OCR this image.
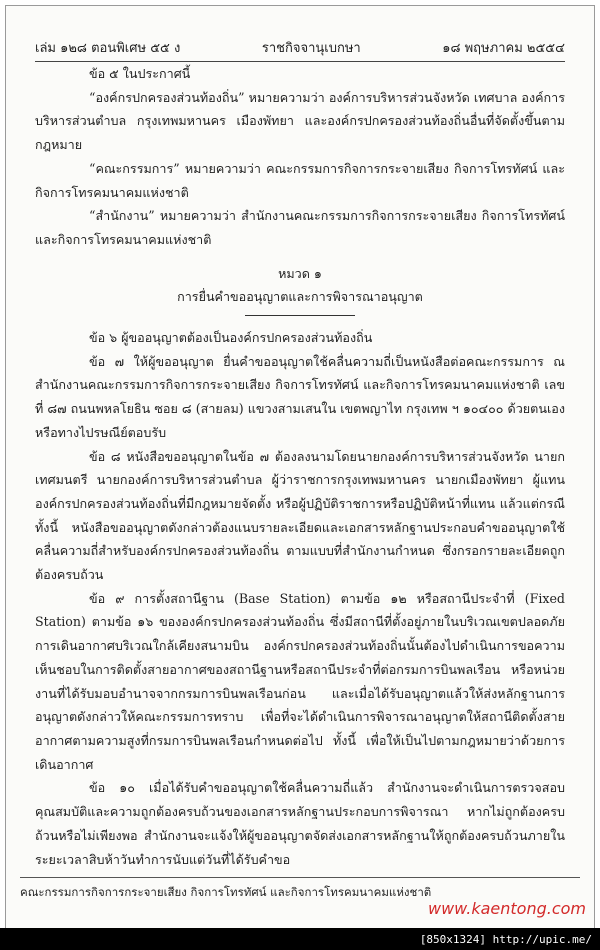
เล่ม ๑๒๘ ตอนพิเศษ ๕๕ ง	ราชกิจจานุเบกษา	๑๘ พฤษภาคม ๒๕๕๔

ข้อ ๕ ในประกาศนี้

“องค์กรปกครองส่วนท้องถิ่น” หมายความว่า องค์การบริหารส่วนจังหวัด เทศบาล องค์การบริหารส่วนตำบล กรุงเทพมหานคร เมืองพัทยา และองค์กรปกครองส่วนท้องถิ่นอื่นที่จัดตั้งขึ้นตามกฎหมาย

“คณะกรรมการ” หมายความว่า คณะกรรมการกิจการกระจายเสียง กิจการโทรทัศน์ และกิจการโทรคมนาคมแห่งชาติ

“สำนักงาน” หมายความว่า สำนักงานคณะกรรมการกิจการกระจายเสียง กิจการโทรทัศน์ และกิจการโทรคมนาคมแห่งชาติ

หมวด ๑

การยื่นคำขออนุญาตและการพิจารณาอนุญาต

ข้อ ๖ ผู้ขออนุญาตต้องเป็นองค์กรปกครองส่วนท้องถิ่น

ข้อ ๗ ให้ผู้ขออนุญาต ยื่นคำขออนุญาตใช้คลื่นความถี่เป็นหนังสือต่อคณะกรรมการ ณ สำนักงานคณะกรรมการกิจการกระจายเสียง กิจการโทรทัศน์ และกิจการโทรคมนาคมแห่งชาติ เลขที่ ๘๗ ถนนพหลโยธิน ซอย ๘ (สายลม) แขวงสามเสนใน เขตพญาไท กรุงเทพ ฯ ๑๐๔๐๐ ด้วยตนเองหรือทางไปรษณีย์ตอบรับ

ข้อ ๘ หนังสือขออนุญาตในข้อ ๗ ต้องลงนามโดยนายกองค์การบริหารส่วนจังหวัด นายกเทศมนตรี นายกองค์การบริหารส่วนตำบล ผู้ว่าราชการกรุงเทพมหานคร นายกเมืองพัทยา ผู้แทนองค์กรปกครองส่วนท้องถิ่นที่มีกฎหมายจัดตั้ง หรือผู้ปฏิบัติราชการหรือปฏิบัติหน้าที่แทน แล้วแต่กรณี ทั้งนี้ หนังสือขออนุญาตดังกล่าวต้องแนบรายละเอียดและเอกสารหลักฐานประกอบคำขออนุญาตใช้คลื่นความถี่สำหรับองค์กรปกครองส่วนท้องถิ่น ตามแบบที่สำนักงานกำหนด ซึ่งกรอกรายละเอียดถูกต้องครบถ้วน

ข้อ ๙ การตั้งสถานีฐาน (Base Station) ตามข้อ ๑๒ หรือสถานีประจำที่ (Fixed Station) ตามข้อ ๑๖ ขององค์กรปกครองส่วนท้องถิ่น ซึ่งมีสถานีที่ตั้งอยู่ภายในบริเวณเขตปลอดภัยการเดินอากาศบริเวณใกล้เคียงสนามบิน องค์กรปกครองส่วนท้องถิ่นนั้นต้องไปดำเนินการขอความเห็นชอบในการติดตั้งสายอากาศของสถานีฐานหรือสถานีประจำที่ต่อกรมการบินพลเรือน หรือหน่วยงานที่ได้รับมอบอำนาจจากกรมการบินพลเรือนก่อน และเมื่อได้รับอนุญาตแล้วให้ส่งหลักฐานการอนุญาตดังกล่าวให้คณะกรรมการทราบ เพื่อที่จะได้ดำเนินการพิจารณาอนุญาตให้สถานีติดตั้งสายอากาศตามความสูงที่กรมการบินพลเรือนกำหนดต่อไป ทั้งนี้ เพื่อให้เป็นไปตามกฎหมายว่าด้วยการเดินอากาศ

ข้อ ๑๐ เมื่อได้รับคำขออนุญาตใช้คลื่นความถี่แล้ว สำนักงานจะดำเนินการตรวจสอบคุณสมบัติและความถูกต้องครบถ้วนของเอกสารหลักฐานประกอบการพิจารณา หากไม่ถูกต้องครบถ้วนหรือไม่เพียงพอ สำนักงานจะแจ้งให้ผู้ขออนุญาตจัดส่งเอกสารหลักฐานให้ถูกต้องครบถ้วนภายในระยะเวลาสิบห้าวันทำการนับแต่วันที่ได้รับคำขอ

คณะกรรมการกิจการกระจายเสียง กิจการโทรทัศน์ และกิจการโทรคมนาคมแห่งชาติ
www.kaentong.com
[850x1324] http://upic.me/
